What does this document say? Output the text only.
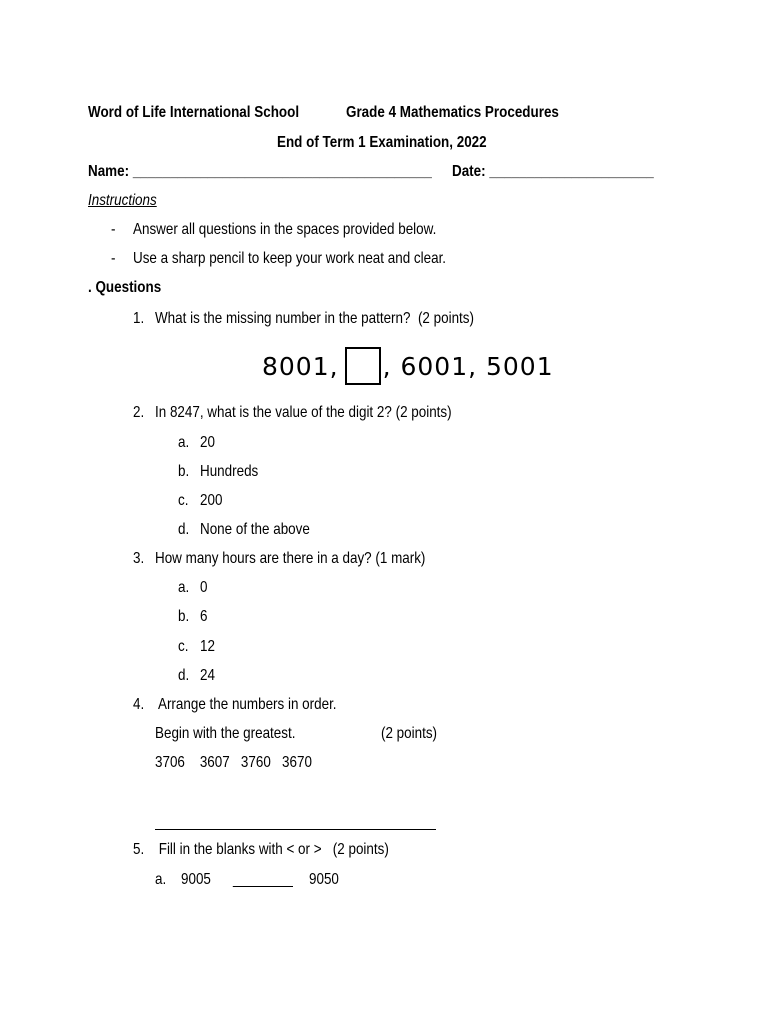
Word of Life International School	Grade 4 Mathematics Procedures
End of Term 1 Examination, 2022
Name: ________________________________________ Date: ______________________
Instructions
- Answer all questions in the spaces provided below.
- Use a sharp pencil to keep your work neat and clear.
. Questions
1. What is the missing number in the pattern?  (2 points)
8001, , 6001, 5001
2. In 8247, what is the value of the digit 2? (2 points)
a. 20
b. Hundreds
c. 200
d. None of the above
3. How many hours are there in a day? (1 mark)
a. 0
b. 6
c. 12
d. 24
4. Arrange the numbers in order.
Begin with the greatest.	(2 points)
3706    3607   3760   3670
5. Fill in the blanks with < or >   (2 points)
a. 9005 ________ 9050
